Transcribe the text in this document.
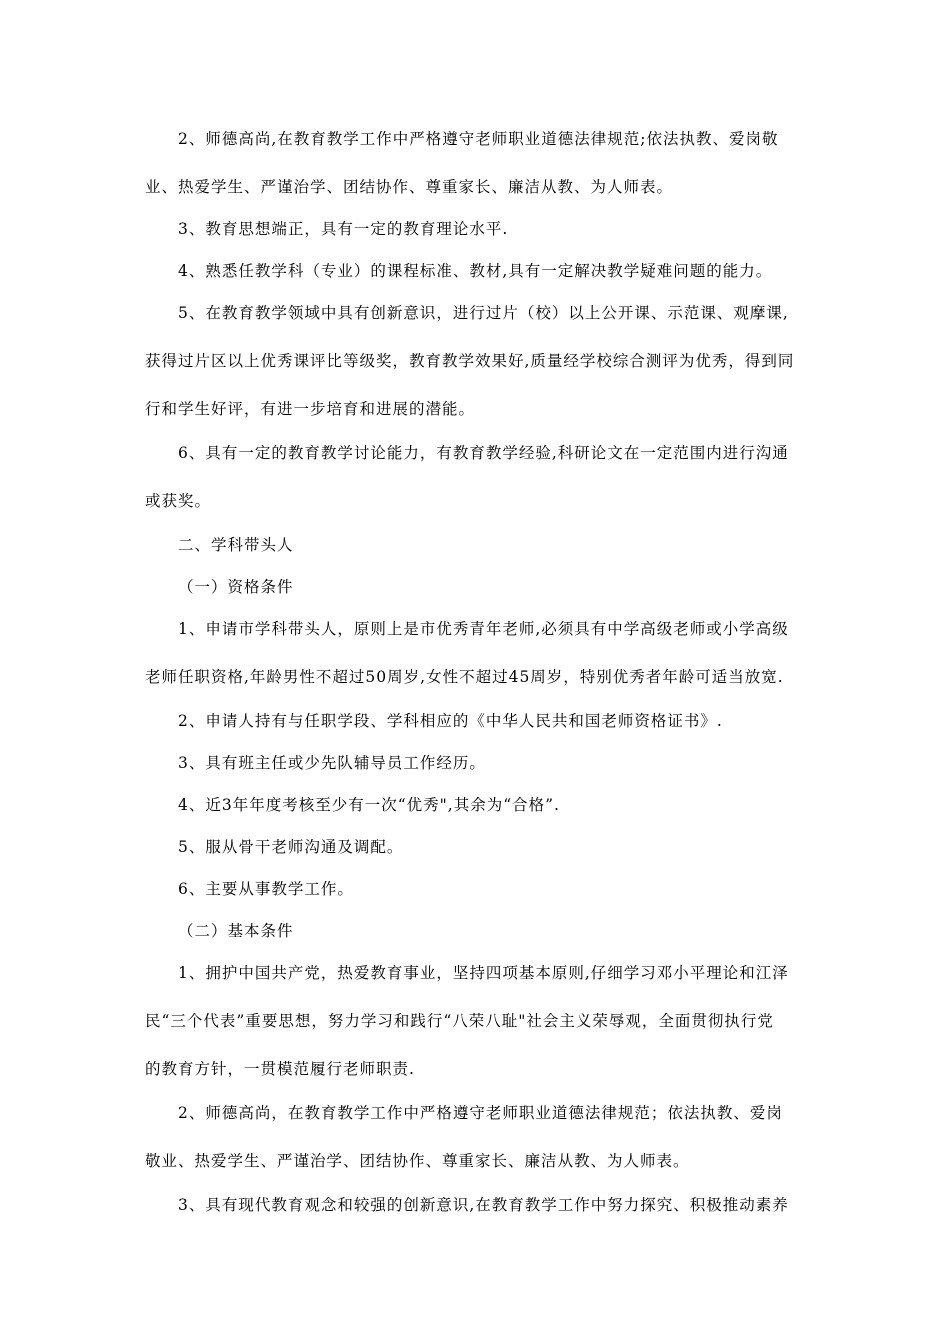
2、师德高尚,在教育教学工作中严格遵守老师职业道德法律规范;依法执教、爱岗敬

业、热爱学生、严谨治学、团结协作、尊重家长、廉洁从教、为人师表。

3、教育思想端正，具有一定的教育理论水平.

4、熟悉任教学科（专业）的课程标准、教材,具有一定解决教学疑难问题的能力。

5、在教育教学领域中具有创新意识，进行过片（校）以上公开课、示范课、观摩课,

获得过片区以上优秀课评比等级奖，教育教学效果好,质量经学校综合测评为优秀，得到同

行和学生好评，有进一步培育和进展的潜能。

6、具有一定的教育教学讨论能力，有教育教学经验,科研论文在一定范围内进行沟通

或获奖。

二、学科带头人

（一）资格条件

1、申请市学科带头人，原则上是市优秀青年老师,必须具有中学高级老师或小学高级

老师任职资格,年龄男性不超过50周岁,女性不超过45周岁，特别优秀者年龄可适当放宽.

2、申请人持有与任职学段、学科相应的《中华人民共和国老师资格证书》.

3、具有班主任或少先队辅导员工作经历。

4、近3年年度考核至少有一次“优秀",其余为“合格”.

5、服从骨干老师沟通及调配。

6、主要从事教学工作。

（二）基本条件

1、拥护中国共产党，热爱教育事业，坚持四项基本原则,仔细学习邓小平理论和江泽

民“三个代表”重要思想，努力学习和践行“八荣八耻"社会主义荣辱观，全面贯彻执行党

的教育方针，一贯模范履行老师职责.

2、师德高尚，在教育教学工作中严格遵守老师职业道德法律规范；依法执教、爱岗

敬业、热爱学生、严谨治学、团结协作、尊重家长、廉洁从教、为人师表。

3、具有现代教育观念和较强的创新意识,在教育教学工作中努力探究、积极推动素养
